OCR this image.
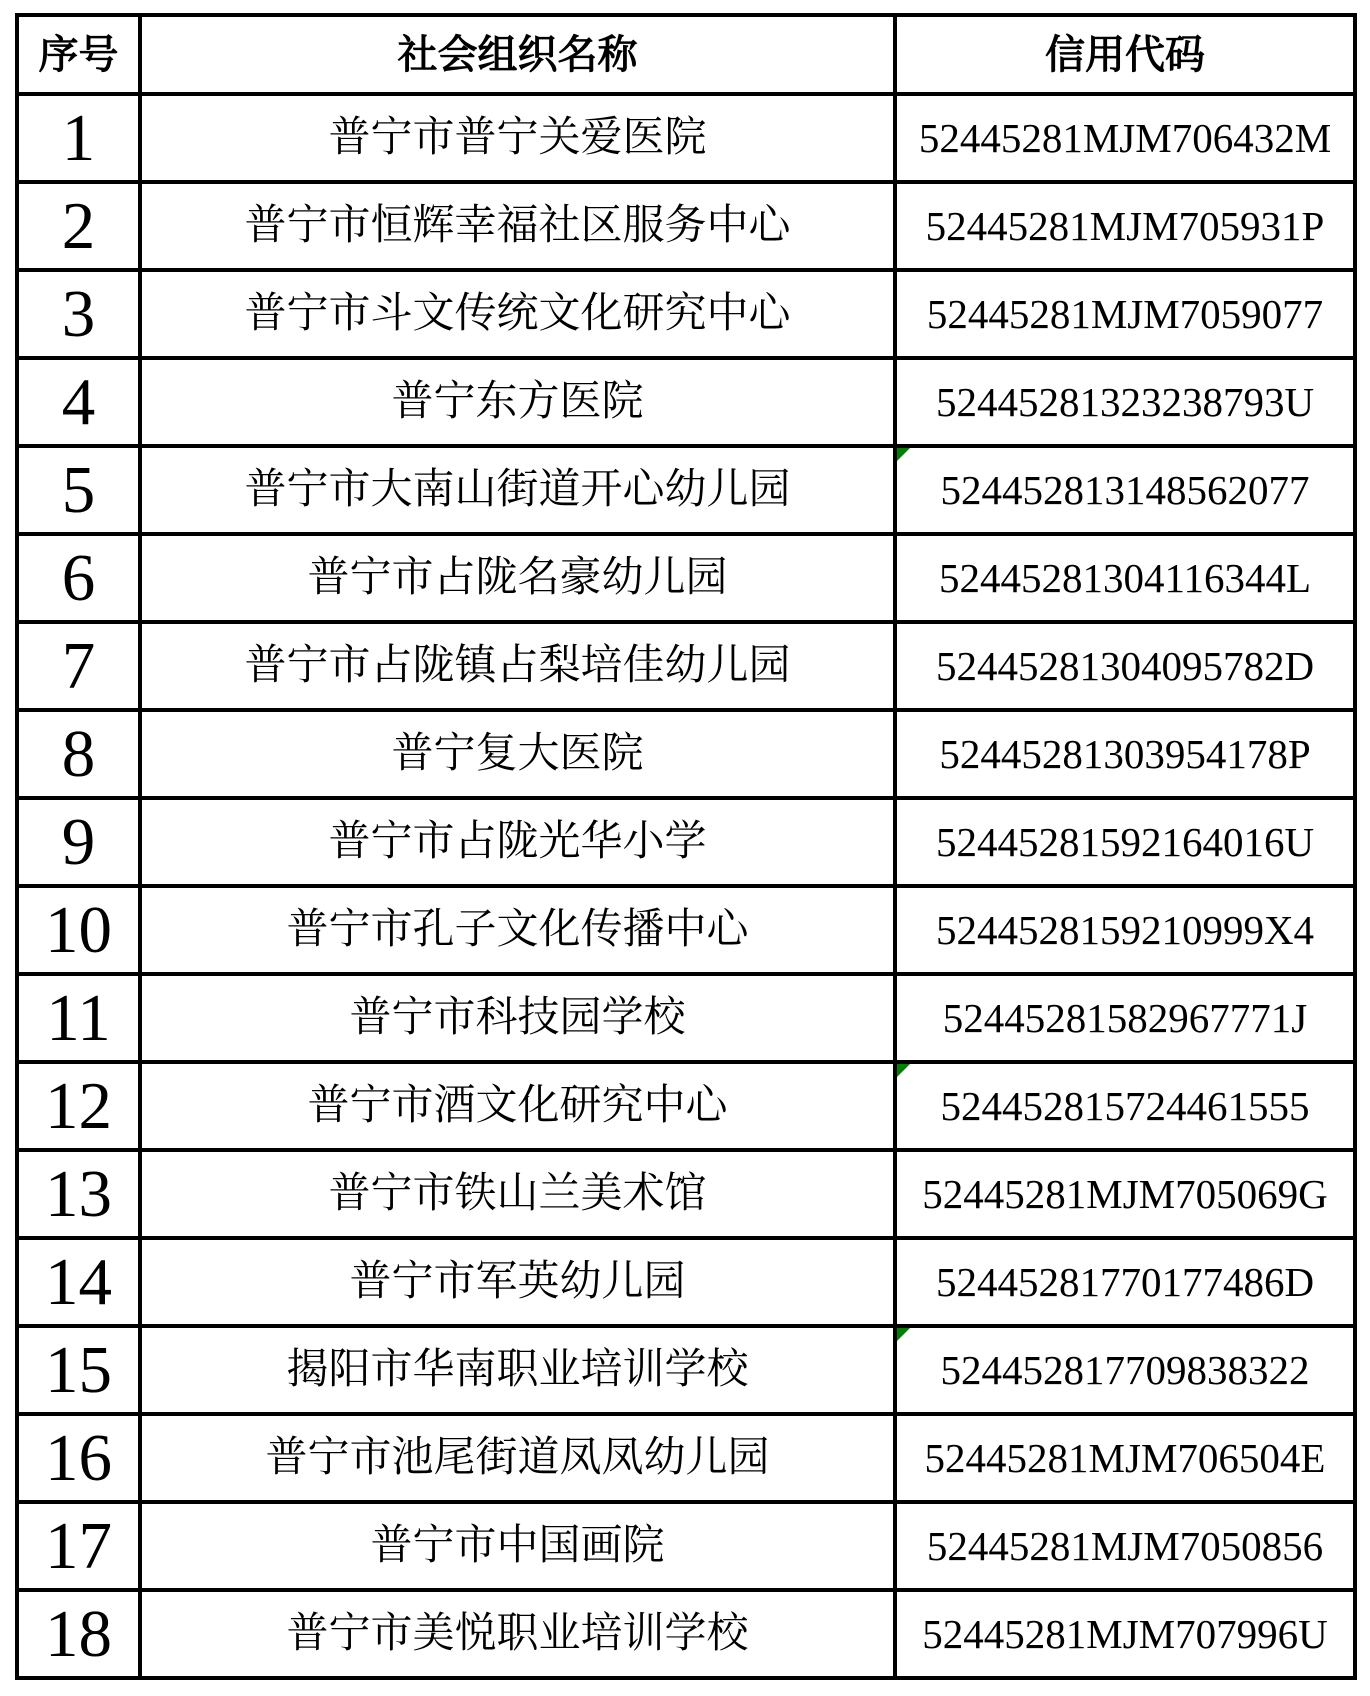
序号	社会组织名称	信用代码
1	普宁市普宁关爱医院	52445281MJM706432M
2	普宁市恒辉幸福社区服务中心	52445281MJM705931P
3	普宁市斗文传统文化研究中心	52445281MJM7059077
4	普宁东方医院	52445281323238793U
5	普宁市大南山街道开心幼儿园	524452813148562077
6	普宁市占陇名豪幼儿园	52445281304116344L
7	普宁市占陇镇占梨培佳幼儿园	52445281304095782D
8	普宁复大医院	52445281303954178P
9	普宁市占陇光华小学	52445281592164016U
10	普宁市孔子文化传播中心	5244528159210999X4
11	普宁市科技园学校	52445281582967771J
12	普宁市酒文化研究中心	524452815724461555
13	普宁市铁山兰美术馆	52445281MJM705069G
14	普宁市军英幼儿园	52445281770177486D
15	揭阳市华南职业培训学校	524452817709838322
16	普宁市池尾街道凤凤幼儿园	52445281MJM706504E
17	普宁市中国画院	52445281MJM7050856
18	普宁市美悦职业培训学校	52445281MJM707996U
